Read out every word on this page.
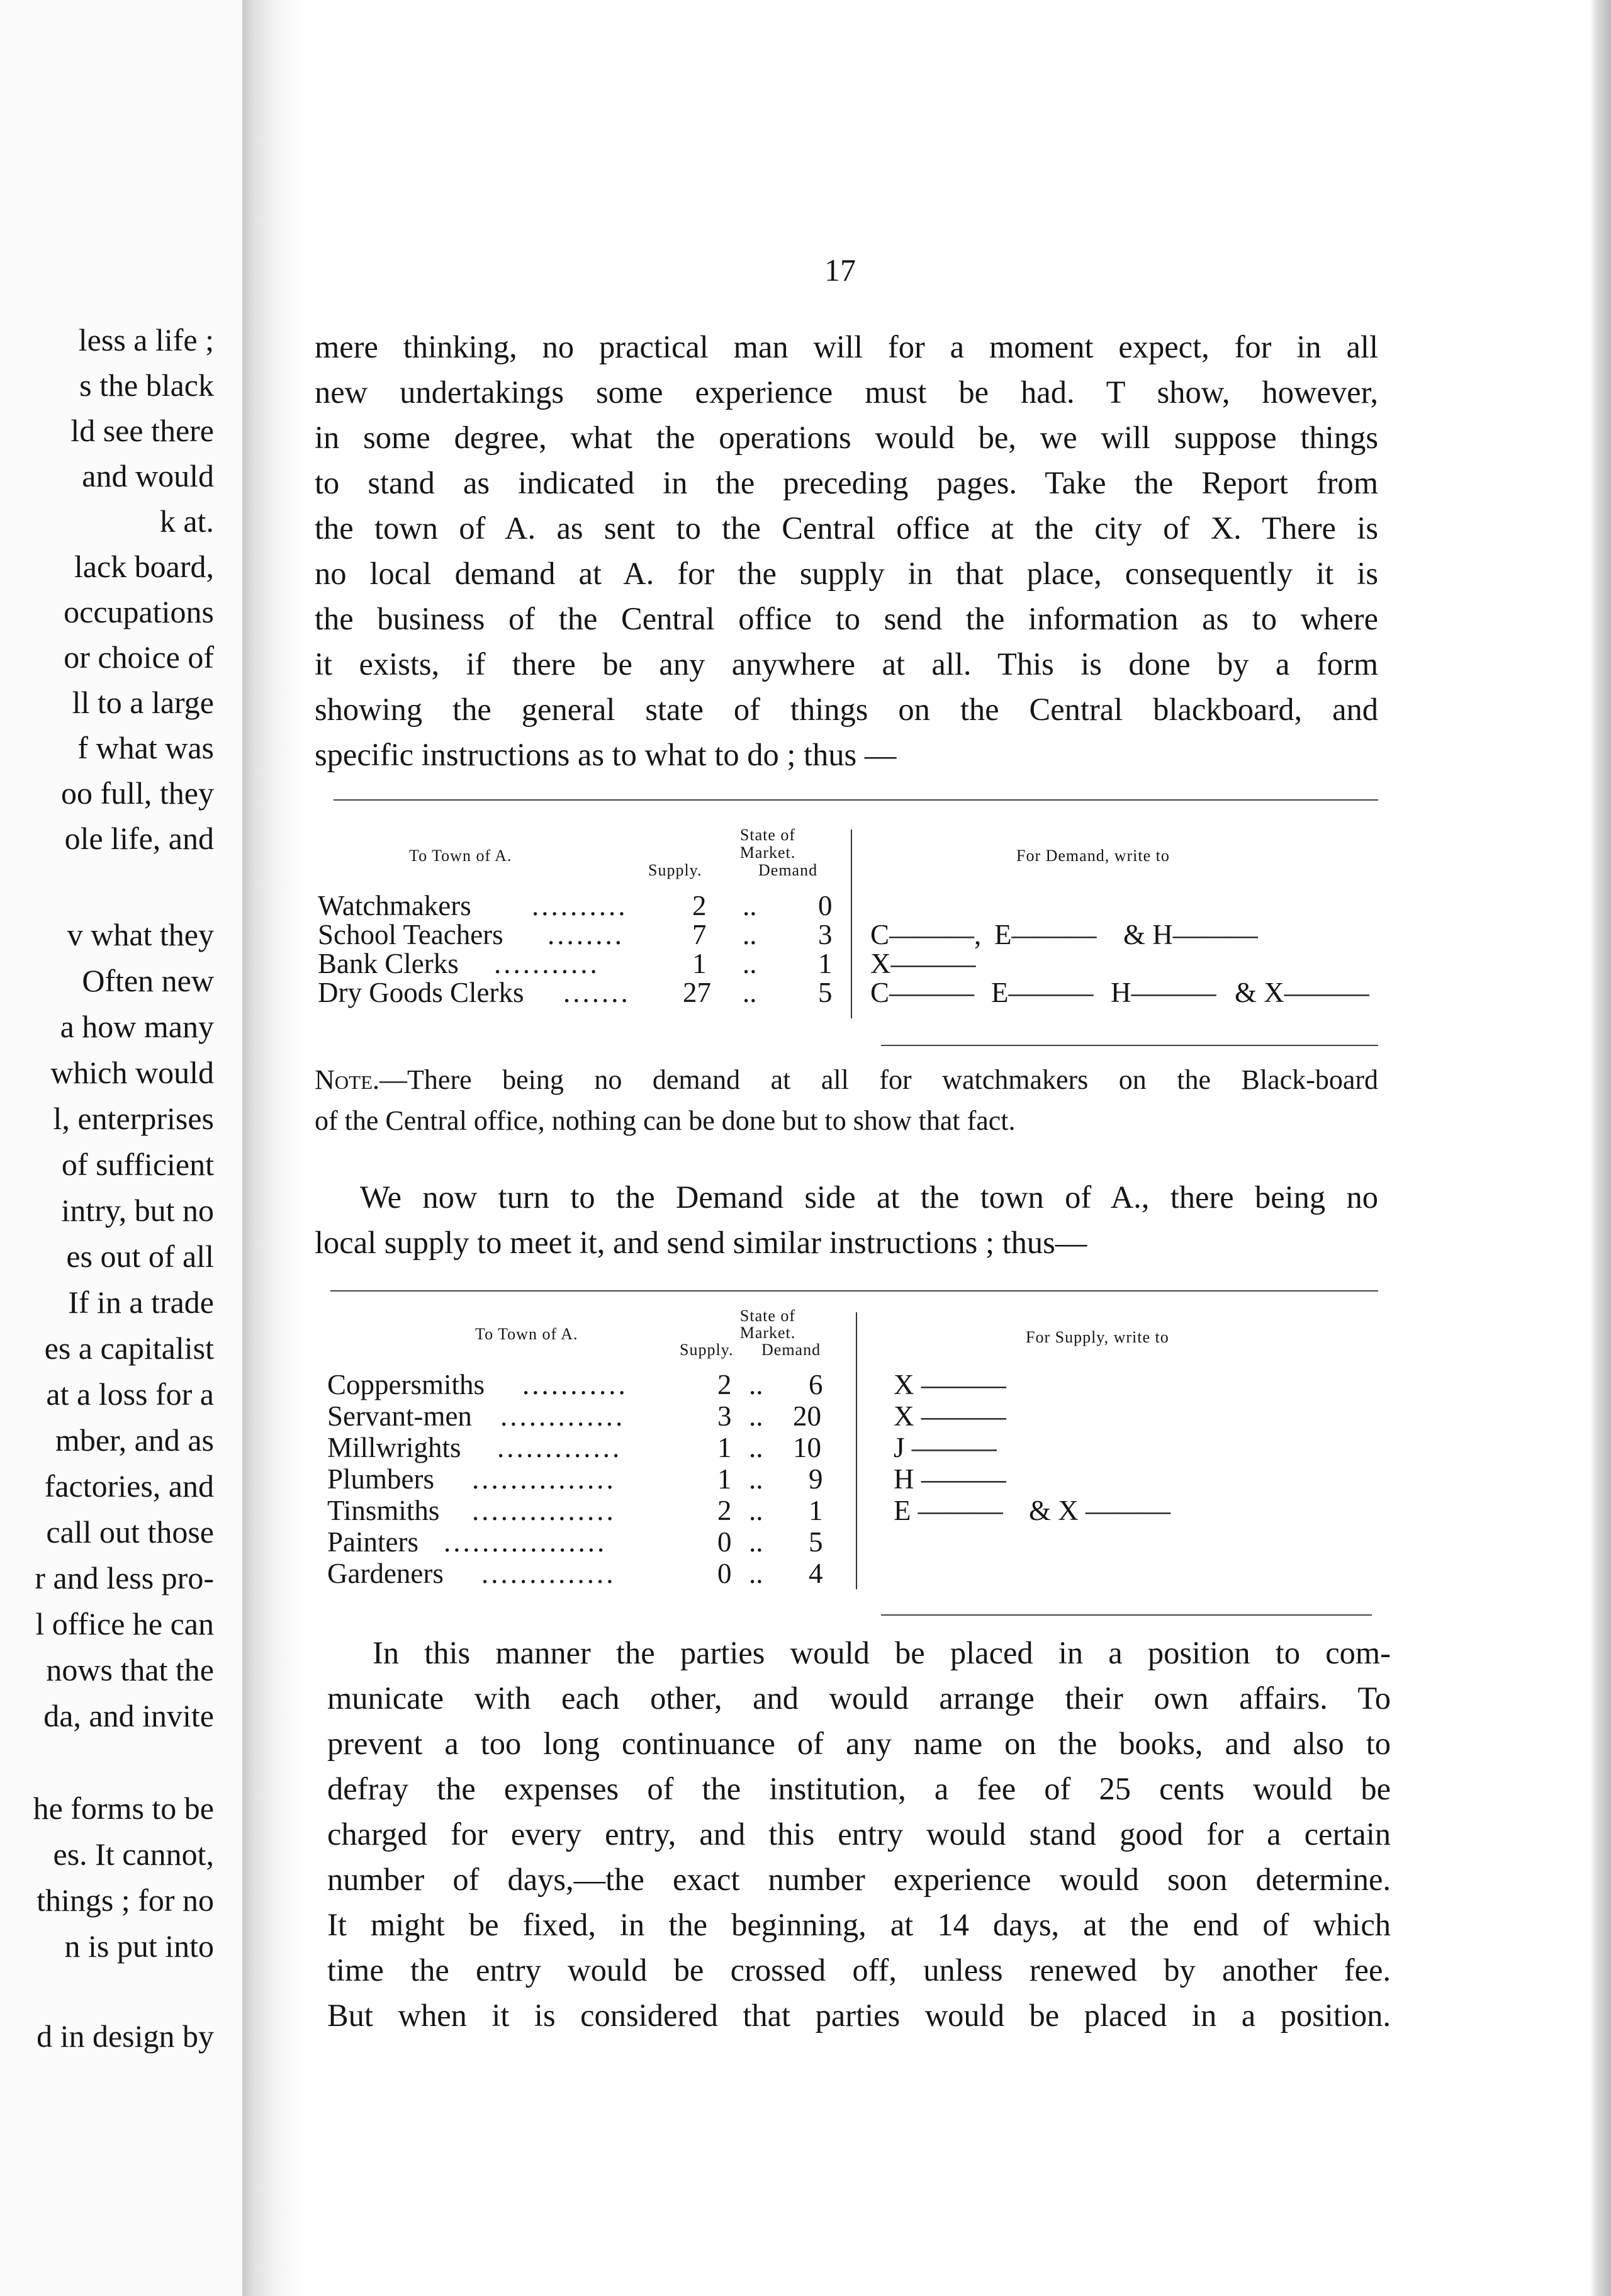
less a life ;
s the black
ld see there
and would
k at.
lack board,
occupations
or choice of
ll to a large
f what was
oo full, they
ole life, and
v what they
Often new
a how many
which would
l, enterprises
of sufficient
intry, but no
es out of all
If in a trade
es a capitalist
at a loss for a
mber, and as
factories, and
call out those
r and less pro-
l office he can
nows that the
da, and invite
he forms to be
es. It cannot,
things ; for no
n is put into
d in design by
17
mere thinking, no practical man will for a moment expect, for in all
new undertakings some experience must be had. T show, however,
in some degree, what the operations would be, we will suppose things
to stand as indicated in the preceding pages. Take the Report from
the town of A. as sent to the Central office at the city of X. There is
no local demand at A. for the supply in that place, consequently it is
the business of the Central office to send the information as to where
it exists, if there be any anywhere at all. This is done by a form
showing the general state of things on the Central blackboard, and
specific instructions as to what to do ; thus —
To Town of A.
State of
Market.
Supply.	Demand
For Demand, write to
Watchmakers .......... 2 .. 0
School Teachers ........ 7 .. 3 C———, E——— & H———
Bank Clerks ...........	1 .. 1 X———
Dry Goods Clerks ....... 27 .. 5 C——— E——— H——— & X———
Note.—There being no demand at all for watchmakers on the Black-board
of the Central office, nothing can be done but to show that fact.
We now turn to the Demand side at the town of A., there being no
local supply to meet it, and send similar instructions ; thus—
To Town of A.
State of
Market.
Supply. Demand
For Supply, write to
Coppersmiths ...........	2 .. 6	X ———
Servant-men .............	3 .. 20	X ———
Millwrights .............	1 .. 10	J ———
Plumbers ...............	1 .. 9	H ———
Tinsmiths ...............	2 .. 1	E ——— & X ———
Painters .................	0 .. 5
Gardeners ..............	0 .. 4
In this manner the parties would be placed in a position to com-
municate with each other, and would arrange their own affairs. To
prevent a too long continuance of any name on the books, and also to
defray the expenses of the institution, a fee of 25 cents would be
charged for every entry, and this entry would stand good for a certain
number of days,—the exact number experience would soon determine.
It might be fixed, in the beginning, at 14 days, at the end of which
time the entry would be crossed off, unless renewed by another fee.
But when it is considered that parties would be placed in a position.
